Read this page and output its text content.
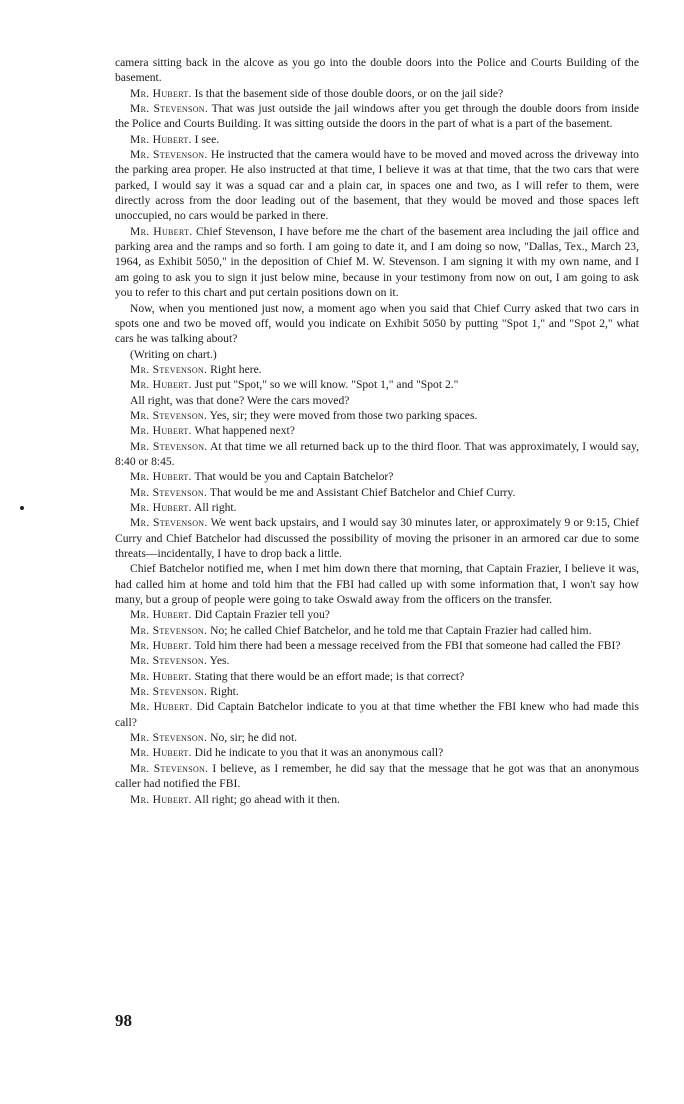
camera sitting back in the alcove as you go into the double doors into the Police and Courts Building of the basement.

Mr. Hubert. Is that the basement side of those double doors, or on the jail side?

Mr. Stevenson. That was just outside the jail windows after you get through the double doors from inside the Police and Courts Building. It was sitting outside the doors in the part of what is a part of the basement.

Mr. Hubert. I see.

Mr. Stevenson. He instructed that the camera would have to be moved and moved across the driveway into the parking area proper. He also instructed at that time, I believe it was at that time, that the two cars that were parked, I would say it was a squad car and a plain car, in spaces one and two, as I will refer to them, were directly across from the door leading out of the basement, that they would be moved and those spaces left unoccupied, no cars would be parked in there.

Mr. Hubert. Chief Stevenson, I have before me the chart of the basement area including the jail office and parking area and the ramps and so forth. I am going to date it, and I am doing so now, "Dallas, Tex., March 23, 1964, as Exhibit 5050," in the deposition of Chief M. W. Stevenson. I am signing it with my own name, and I am going to ask you to sign it just below mine, because in your testimony from now on out, I am going to ask you to refer to this chart and put certain positions down on it.

Now, when you mentioned just now, a moment ago when you said that Chief Curry asked that two cars in spots one and two be moved off, would you indicate on Exhibit 5050 by putting "Spot 1," and "Spot 2," what cars he was talking about?

(Writing on chart.)

Mr. Stevenson. Right here.

Mr. Hubert. Just put "Spot," so we will know. "Spot 1," and "Spot 2."

All right, was that done? Were the cars moved?

Mr. Stevenson. Yes, sir; they were moved from those two parking spaces.

Mr. Hubert. What happened next?

Mr. Stevenson. At that time we all returned back up to the third floor. That was approximately, I would say, 8:40 or 8:45.

Mr. Hubert. That would be you and Captain Batchelor?

Mr. Stevenson. That would be me and Assistant Chief Batchelor and Chief Curry.

Mr. Hubert. All right.

Mr. Stevenson. We went back upstairs, and I would say 30 minutes later, or approximately 9 or 9:15, Chief Curry and Chief Batchelor had discussed the possibility of moving the prisoner in an armored car due to some threats—incidentally, I have to drop back a little.

Chief Batchelor notified me, when I met him down there that morning, that Captain Frazier, I believe it was, had called him at home and told him that the FBI had called up with some information that, I won't say how many, but a group of people were going to take Oswald away from the officers on the transfer.

Mr. Hubert. Did Captain Frazier tell you?

Mr. Stevenson. No; he called Chief Batchelor, and he told me that Captain Frazier had called him.

Mr. Hubert. Told him there had been a message received from the FBI that someone had called the FBI?

Mr. Stevenson. Yes.

Mr. Hubert. Stating that there would be an effort made; is that correct?

Mr. Stevenson. Right.

Mr. Hubert. Did Captain Batchelor indicate to you at that time whether the FBI knew who had made this call?

Mr. Stevenson. No, sir; he did not.

Mr. Hubert. Did he indicate to you that it was an anonymous call?

Mr. Stevenson. I believe, as I remember, he did say that the message that he got was that an anonymous caller had notified the FBI.

Mr. Hubert. All right; go ahead with it then.

98
